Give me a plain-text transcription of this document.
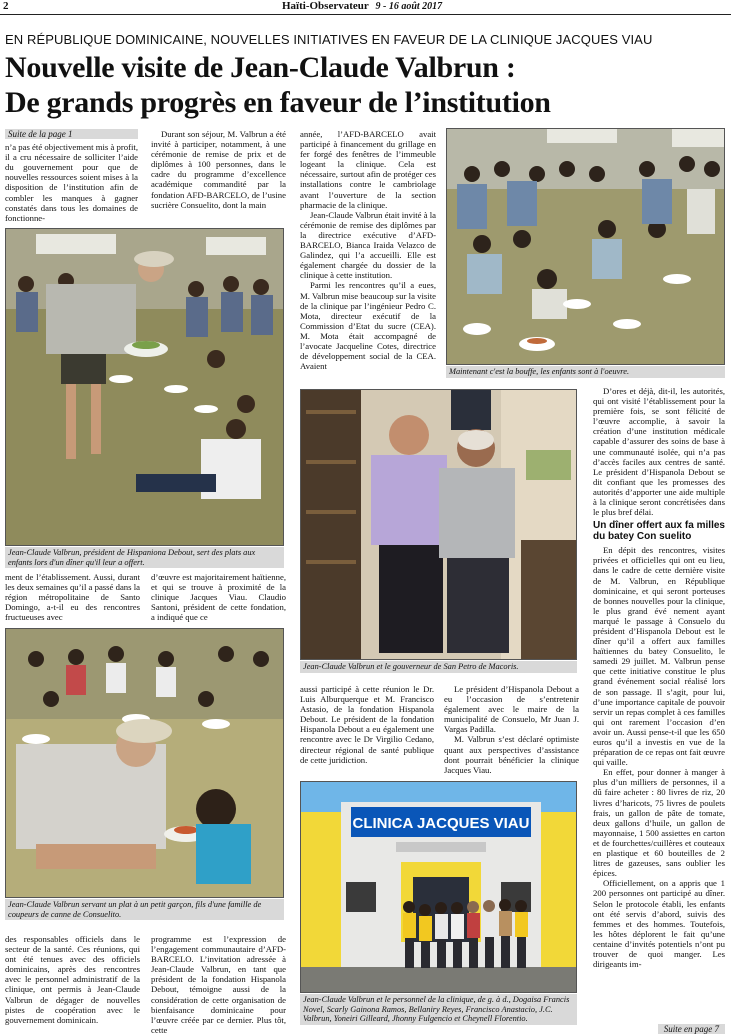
2	Haïti-Observateur 9 - 16 août 2017
EN RÉPUBLIQUE DOMINICAINE, NOUVELLES INITIATIVES EN FAVEUR DE LA CLINIQUE JACQUES VIAU
Nouvelle visite de Jean-Claude Valbrun :
De grands progrès en faveur de l’institution
Suite de la page 1

n’a pas été objectivement mis à profit, il a cru nécessaire de solliciter l’aide du gouvernement pour que de nouvelles ressources soient mises à la disposition de l’institution afin de combler les manques à gagner constatés dans tous les domaines de fonctionne-

Durant son séjour, M. Valbrun a été invité à participer, notamment, à une cérémonie de remise de prix et de diplômes à 100 personnes, dans le cadre du programme d’excellence académique commandité par la fondation AFD-BARCELO, de l’usine sucrière Consuelito, dont la main

Jean-Claude Valbrun, président de Hispaniona Debout, sert des plats aux enfants lors d'un dîner qu'il leur a offert.

ment de l’établissement. Aussi, durant les deux semaines qu’il a passé dans la région métropolitaine de Santo Domingo, a-t-il eu des rencontres fructueuses avec

d’œuvre est majoritairement haïtienne, et qui se trouve à proximité de la clinique Jacques Viau. Claudio Santoni, président de cette fondation, a indiqué que ce

Jean-Claude Valbrun servant un plat à un petit garçon, fils d'une famille de coupeurs de canne de Consuelito.

des responsables officiels dans le secteur de la santé. Ces réunions, qui ont été tenues avec des officiels dominicains, après des rencontres avec le personnel administratif de la clinique, ont permis à Jean-Claude Valbrun de dégager de nouvelles pistes de coopération avec le gouvernement dominicain.

programme est l’expression de l’engagement communautaire d’AFD-BARCELO. L’invitation adressée à Jean-Claude Valbrun, en tant que président de la fondation Hispanola Debout, témoigne aussi de la considération de cette organisation de bienfaisance dominicaine pour l’œuvre créée par ce dernier. Plus tôt, cette

année, l’AFD-BARCELO avait participé à financement du grillage en fer forgé des fenêtres de l’immeuble logeant la clinique. Cela est nécessaire, surtout afin de protéger ces installations contre le cambriolage avant l’ouverture de la section pharmacie de la clinique.

Jean-Claude Valbrun était invité à la cérémonie de remise des diplômes par la directrice exécutive d’AFD-BARCELO, Bianca Iraida Velazco de Galindez, qui l’a accueilli. Elle est également chargée du dossier de la clinique à cette institution.

Parmi les rencontres qu’il a eues, M. Valbrun mise beaucoup sur la visite de la clinique par l’ingénieur Pedro C. Mota, directeur exécutif de la Commission d’Etat du sucre (CEA). M. Mota était accompagné de l’avocate Jacqueline Cotes, directrice de développement social de la CEA. Avaient

Maintenant c'est la bouffe, les enfants sont à l'oeuvre.
Jean-Claude Valbrun et le gouverneur de San Petro de Macoris.

aussi participé à cette réunion le Dr. Luis Alburquerque et M. Francisco Astasio, de la fondation Hispanola Debout. Le président de la fondation Hispanola Debout a eu également une rencontre avec le Dr Virgilio Cedano, directeur régional de santé publique de cette juridiction.

Le président d’Hispanola Debout a eu l’occasion de s’entretenir également avec le maire de la municipalité de Consuelo, Mr Juan J. Vargas Padilla.

M. Valbrun s’est déclaré optimiste quant aux perspectives d’assistance dont pourrait bénéficier la clinique Jacques Viau.

CLINICA JACQUES VIAU
Jean-Claude Valbrun et le personnel de la clinique, de g. à d., Dogaisa Francis Novel, Scarly Gainona Ramos, Bellaniry Reyes, Francisco Anastacio, J.C. Valbrun, Yoneiri Gilleard, Jhonny Fulgencio et Cheynell Florentio.

D’ores et déjà, dit-il, les autorités, qui ont visité l’établissement pour la première fois, se sont félicité de l’œuvre accomplie, à savoir la création d’une institution médicale capable d’assurer des soins de base à une communauté isolée, qui n’a pas d’accès faciles aux centres de santé. Le président d’Hispanola Debout se dit confiant que les promesses des autorités d’apporter une aide multiple à la clinique seront concrétisées dans le plus bref délai.

Un dîner offert aux fa milles du batey Con suelito

En dépit des rencontres, visites privées et officielles qui ont eu lieu, dans le cadre de cette dernière visite de M. Valbrun, en République dominicaine, et qui seront porteuses de bonnes nouvelles pour la clinique, le plus grand évé nement ayant marqué le passage à Consuelo du président d’Hispanola Debout est le dîner qu’il a offert aux familles haïtiennes du batey Consuelito, le samedi 29 juillet. M. Valbrun pense que cette initiative constitue le plus grand événement social réalisé lors de son passage. Il s’agit, pour lui, d’une importance capitale de pouvoir servir un repas complet à ces familles qui ont rarement l’occasion d’en avoir un. Aussi pense-t-il que les 650 euros qu’il a investis en vue de la préparation de ce repas ont fait œuvre qui vaille.

En effet, pour donner à manger à plus d’un milliers de personnes, il a dû faire acheter : 80 livres de riz, 20 livres d’haricots, 75 livres de poulets frais, un gallon de pâte de tomate, deux gallons d’huile, un gallon de mayonnaise, 1 500 assiettes en carton et de fourchettes/cuillères et couteaux en plastique et 60 bouteilles de 2 litres de gazeuses, sans oublier les épices.

Officiellement, on a appris que 1 200 personnes ont participé au dîner. Selon le protocole établi, les enfants ont été servis d’abord, suivis des femmes et des hommes. Toutefois, les hôtes déplorent le fait qu’une centaine d’invités potentiels n’ont pu trouver de quoi manger. Les dirigeants im-

Suite en page 7
